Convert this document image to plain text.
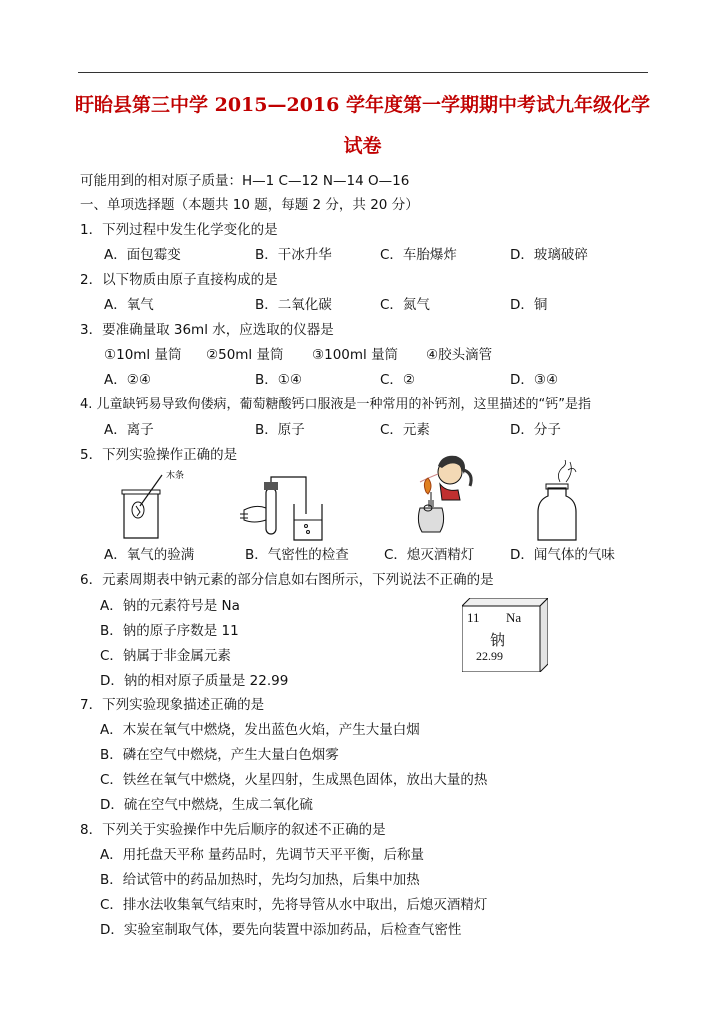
盱眙县第三中学 2015—2016 学年度第一学期期中考试九年级化学
试卷
可能用到的相对原子质量：H—1 C—12 N—14 O—16
一、单项选择题（本题共 10 题，每题 2 分，共 20 分）
1．下列过程中发生化学变化的是
A．面包霉变	B．干冰升华	C．车胎爆炸	D．玻璃破碎
2．以下物质由原子直接构成的是
A．氧气	B．二氧化碳	C．氮气	D．铜
3．要准确量取 36ml 水，应选取的仪器是
①10ml 量筒 ②50ml 量筒 ③100ml 量筒 ④胶头滴管
A．②④	B．①④	C．②	D．③④
4. 儿童缺钙易导致佝偻病，葡萄糖酸钙口服液是一种常用的补钙剂，这里描述的“钙”是指
A．离子	B．原子	C．元素	D．分子
5．下列实验操作正确的是
木条
A．氧气的验满	B．气密性的检查	C．熄灭酒精灯	D．闻气体的气味
6．元素周期表中钠元素的部分信息如右图所示，下列说法不正确的是
A．钠的元素符号是 Na
B．钠的原子序数是 11
C．钠属于非金属元素
D．钠的相对原子质量是 22.99
11 Na
钠
22.99
7．下列实验现象描述正确的是
A．木炭在氧气中燃烧，发出蓝色火焰，产生大量白烟
B．磷在空气中燃烧，产生大量白色烟雾
C．铁丝在氧气中燃烧，火星四射，生成黑色固体，放出大量的热
D．硫在空气中燃烧，生成二氧化硫
8．下列关于实验操作中先后顺序的叙述不正确的是
A．用托盘天平称 量药品时，先调节天平平衡，后称量
B．给试管中的药品加热时，先均匀加热，后集中加热
C．排水法收集氧气结束时，先将导管从水中取出，后熄灭酒精灯
D．实验室制取气体，要先向装置中添加药品，后检查气密性
